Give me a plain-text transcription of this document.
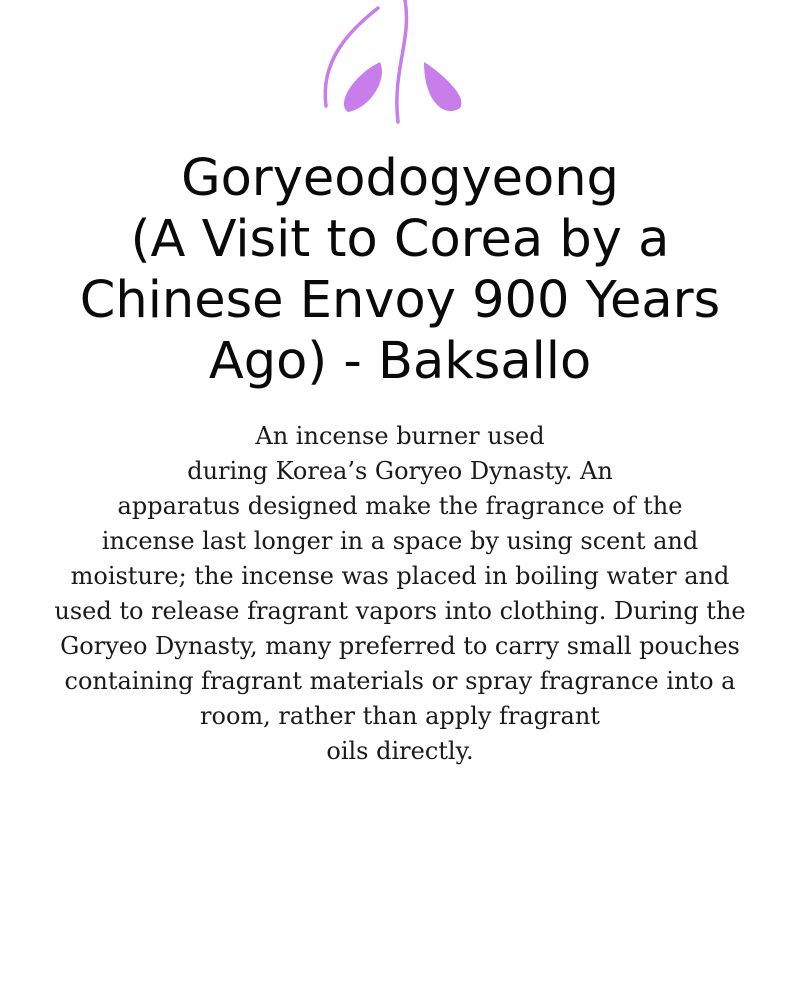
Goryeodogyeong
(A Visit to Corea by a
Chinese Envoy 900 Years
Ago) - Baksallo

An incense burner used
during Korea’s Goryeo Dynasty. An
apparatus designed make the fragrance of the
incense last longer in a space by using scent and
moisture; the incense was placed in boiling water and
used to release fragrant vapors into clothing. During the
Goryeo Dynasty, many preferred to carry small pouches
containing fragrant materials or spray fragrance into a
room, rather than apply fragrant
oils directly.
